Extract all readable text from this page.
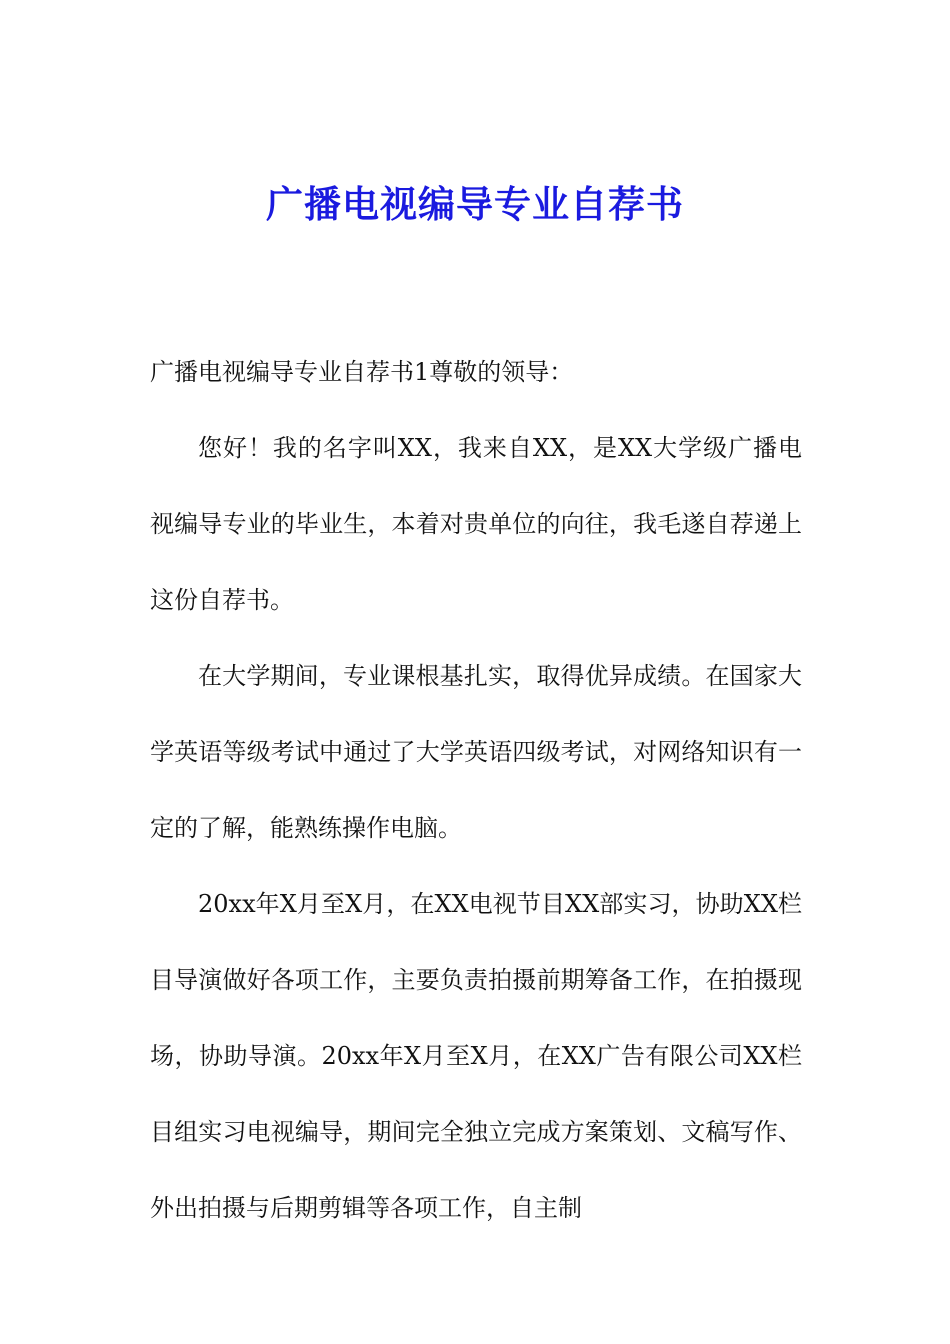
广播电视编导专业自荐书

广播电视编导专业自荐书1尊敬的领导：

您好！我的名字叫XX，我来自XX，是XX大学级广播电视编导专业的毕业生，本着对贵单位的向往，我毛遂自荐递上这份自荐书。

在大学期间，专业课根基扎实，取得优异成绩。在国家大学英语等级考试中通过了大学英语四级考试，对网络知识有一定的了解，能熟练操作电脑。

20xx年X月至X月，在XX电视节目XX部实习，协助XX栏目导演做好各项工作，主要负责拍摄前期筹备工作，在拍摄现场，协助导演。20xx年X月至X月，在XX广告有限公司XX栏目组实习电视编导，期间完全独立完成方案策划、文稿写作、外出拍摄与后期剪辑等各项工作，自主制
